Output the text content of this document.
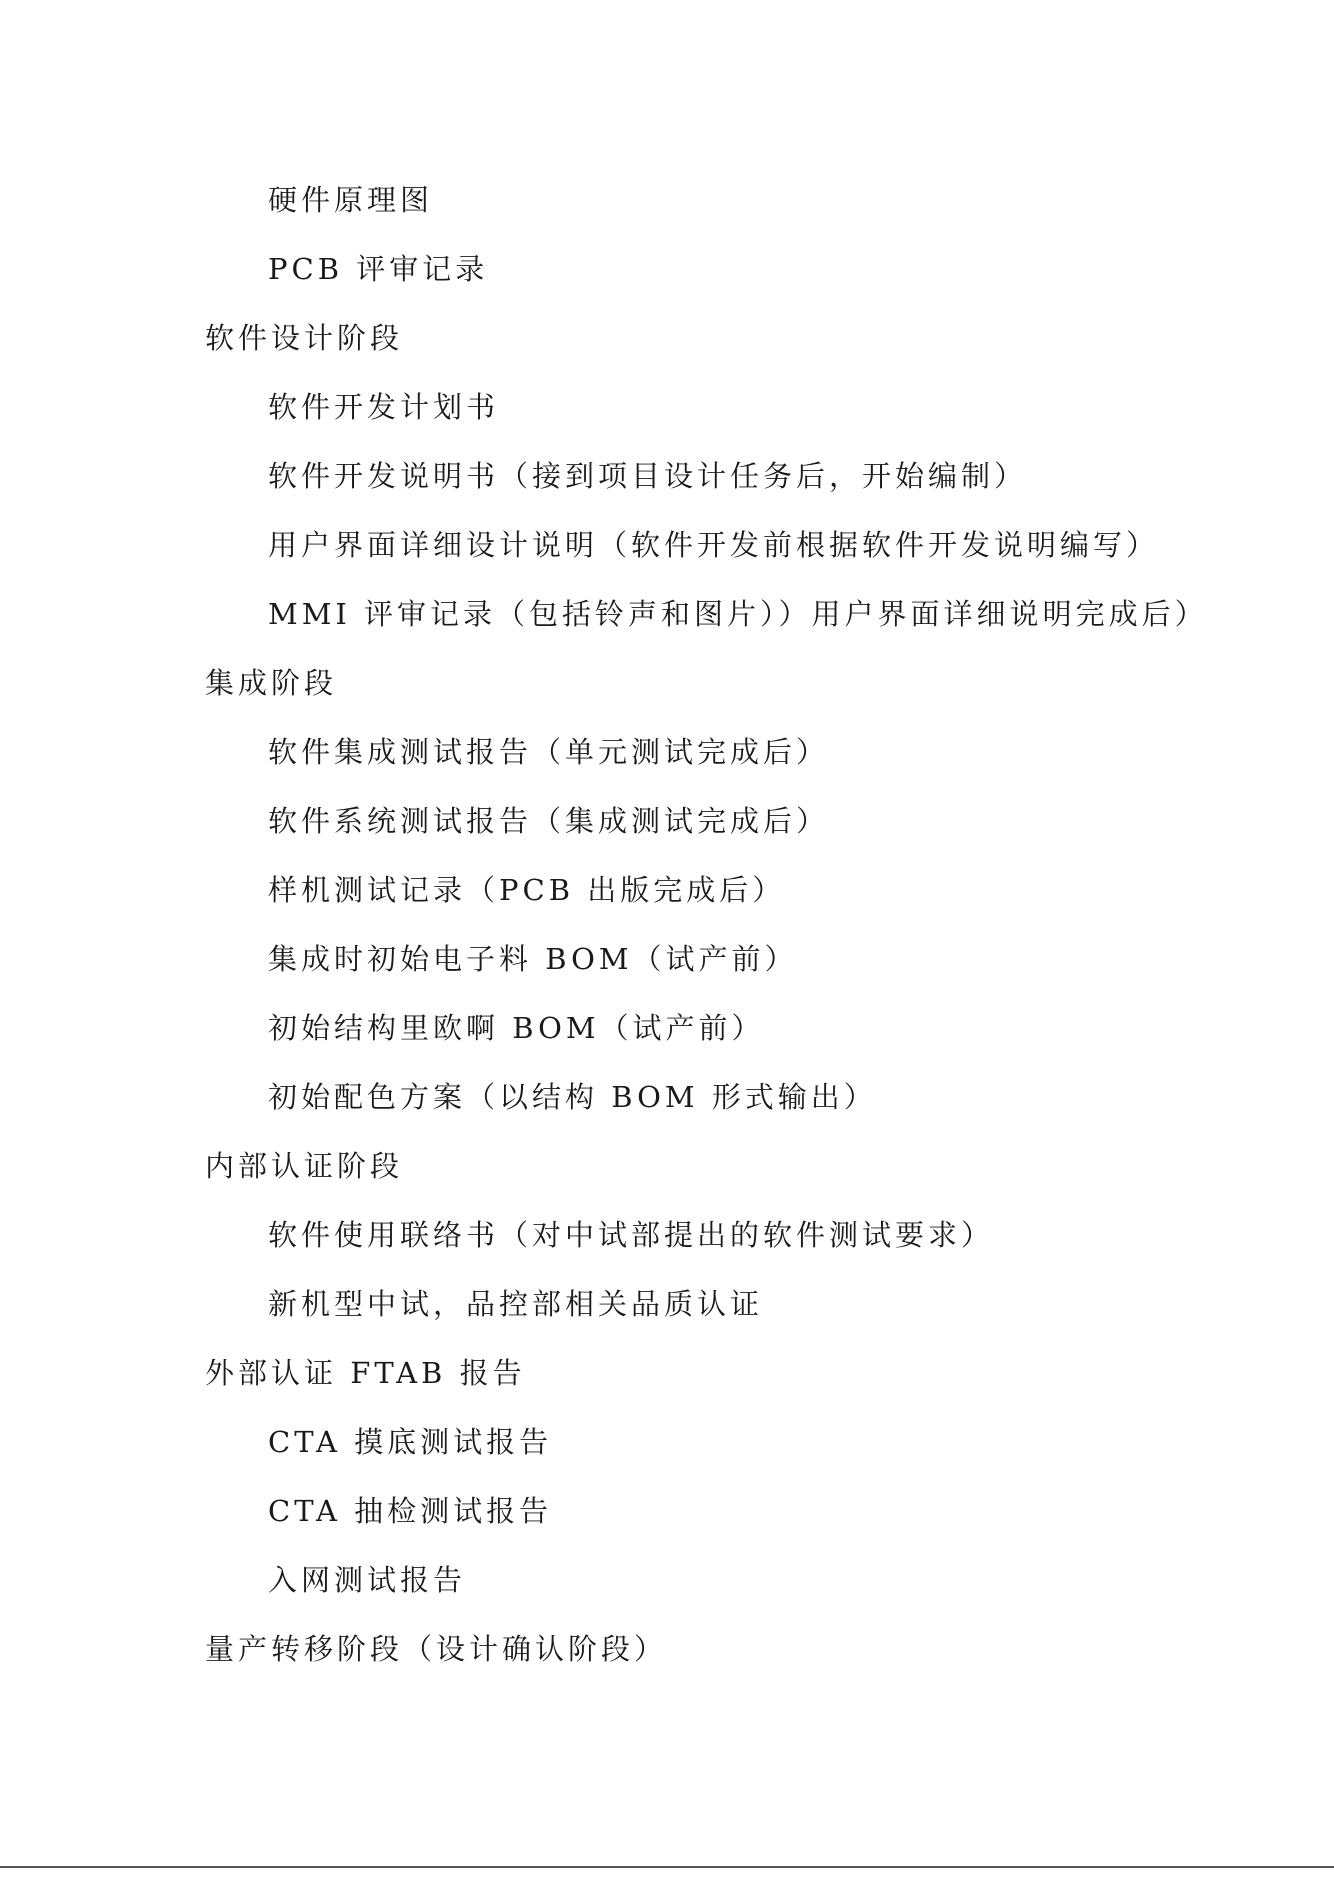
硬件原理图
PCB 评审记录
软件设计阶段
软件开发计划书
软件开发说明书（接到项目设计任务后，开始编制）
用户界面详细设计说明（软件开发前根据软件开发说明编写）
MMI 评审记录（包括铃声和图片））用户界面详细说明完成后）
集成阶段
软件集成测试报告（单元测试完成后）
软件系统测试报告（集成测试完成后）
样机测试记录（PCB 出版完成后）
集成时初始电子料 BOM（试产前）
初始结构里欧啊 BOM（试产前）
初始配色方案（以结构 BOM 形式输出）
内部认证阶段
软件使用联络书（对中试部提出的软件测试要求）
新机型中试，品控部相关品质认证
外部认证 FTAB 报告
CTA 摸底测试报告
CTA 抽检测试报告
入网测试报告
量产转移阶段（设计确认阶段）
